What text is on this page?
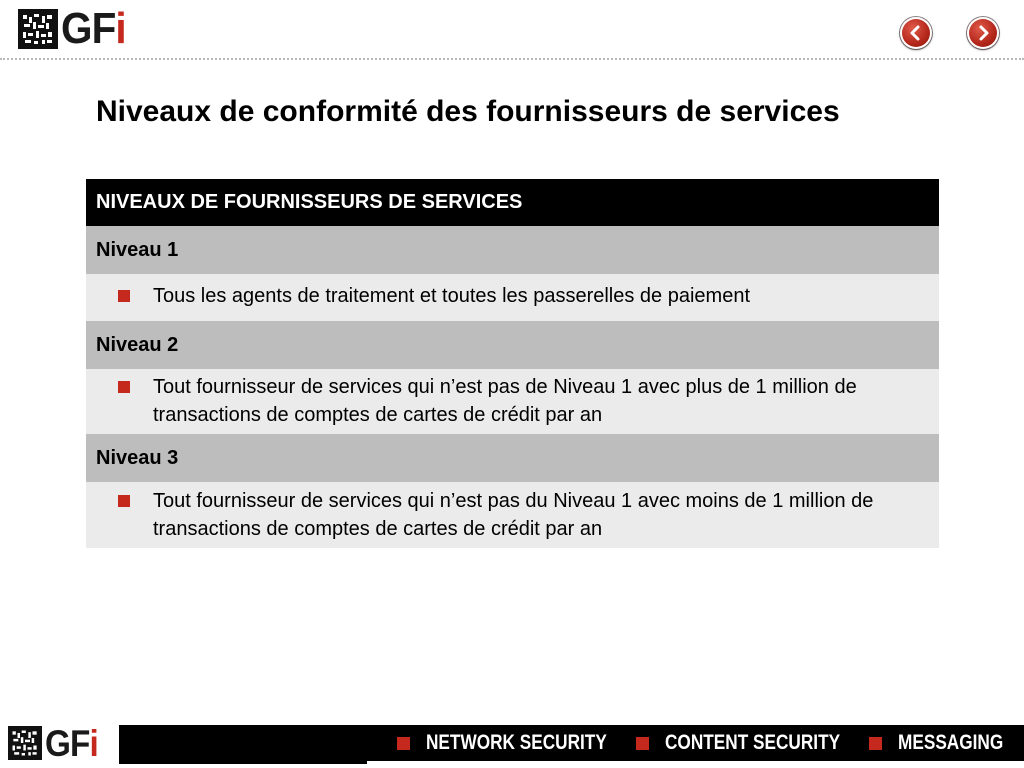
GFi
Niveaux de conformité des fournisseurs de services
NIVEAUX DE FOURNISSEURS DE SERVICES
Niveau 1
Tous les agents de traitement et toutes les passerelles de paiement
Niveau 2
Tout fournisseur de services qui n’est pas de Niveau 1 avec plus de 1 million de transactions de comptes de cartes de crédit par an
Niveau 3
Tout fournisseur de services qui n’est pas du Niveau 1 avec moins de 1 million de transactions de comptes de cartes de crédit par an
GFi	NETWORK SECURITY	CONTENT SECURITY	MESSAGING
